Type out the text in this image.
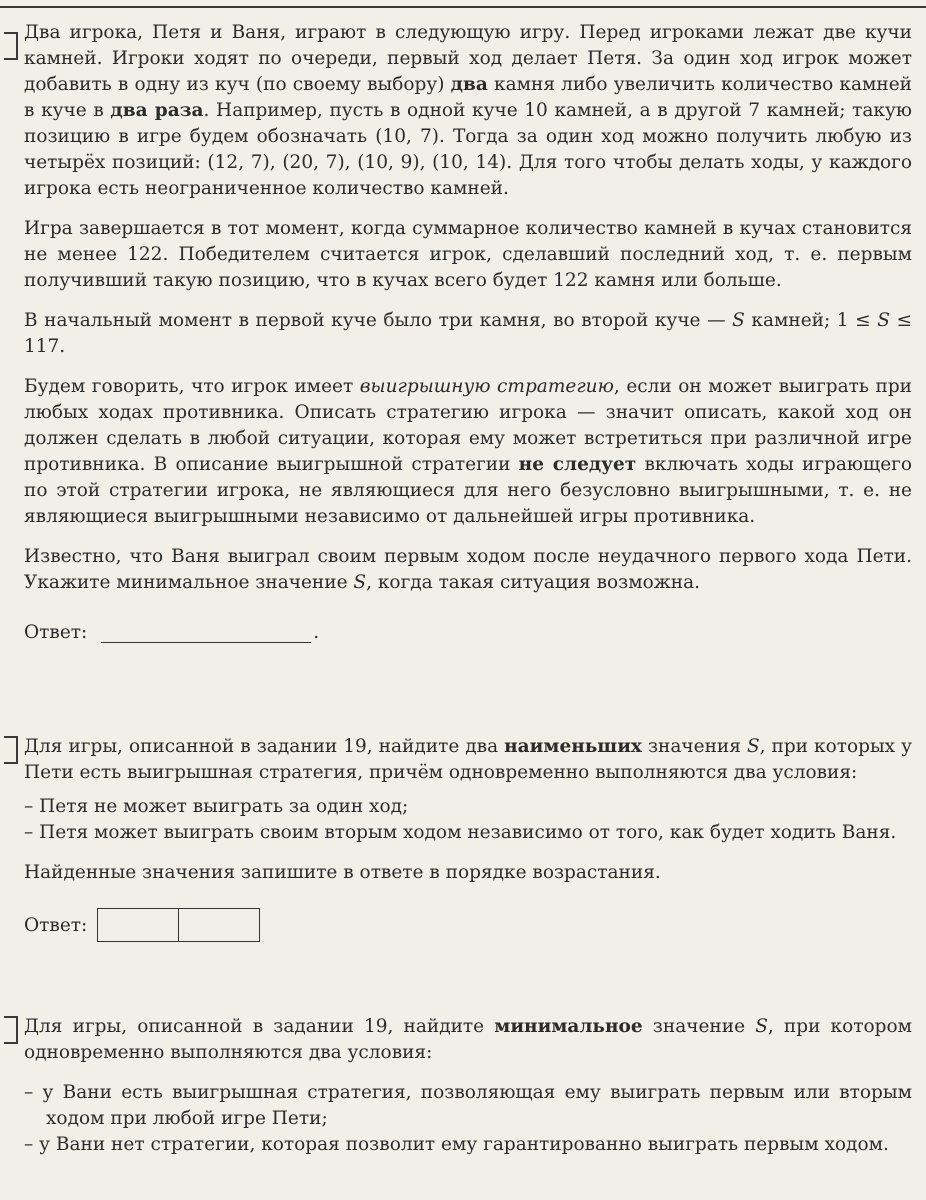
Два игрока, Петя и Ваня, играют в следующую игру. Перед игроками лежат две кучи камней. Игроки ходят по очереди, первый ход делает Петя. За один ход игрок может добавить в одну из куч (по своему выбору) два камня либо увеличить количество камней в куче в два раза. Например, пусть в одной куче 10 камней, а в другой 7 камней; такую позицию в игре будем обозначать (10, 7). Тогда за один ход можно получить любую из четырёх позиций: (12, 7), (20, 7), (10, 9), (10, 14). Для того чтобы делать ходы, у каждого игрока есть неограниченное количество камней.

Игра завершается в тот момент, когда суммарное количество камней в кучах становится не менее 122. Победителем считается игрок, сделавший последний ход, т. е. первым получивший такую позицию, что в кучах всего будет 122 камня или больше.

В начальный момент в первой куче было три камня, во второй куче — S камней; 1 ≤ S ≤ 117.

Будем говорить, что игрок имеет выигрышную стратегию, если он может выиграть при любых ходах противника. Описать стратегию игрока — значит описать, какой ход он должен сделать в любой ситуации, которая ему может встретиться при различной игре противника. В описание выигрышной стратегии не следует включать ходы играющего по этой стратегии игрока, не являющиеся для него безусловно выигрышными, т. е. не являющиеся выигрышными независимо от дальнейшей игры противника.

Известно, что Ваня выиграл своим первым ходом после неудачного первого хода Пети. Укажите минимальное значение S, когда такая ситуация возможна.

Ответ:	.

Для игры, описанной в задании 19, найдите два наименьших значения S, при которых у Пети есть выигрышная стратегия, причём одновременно выполняются два условия:

– Петя не может выиграть за один ход;
– Петя может выиграть своим вторым ходом независимо от того, как будет ходить Ваня.

Найденные значения запишите в ответе в порядке возрастания.

Ответ:

Для игры, описанной в задании 19, найдите минимальное значение S, при котором одновременно выполняются два условия:

– у Вани есть выигрышная стратегия, позволяющая ему выиграть первым или вторым ходом при любой игре Пети;
– у Вани нет стратегии, которая позволит ему гарантированно выиграть первым ходом.
